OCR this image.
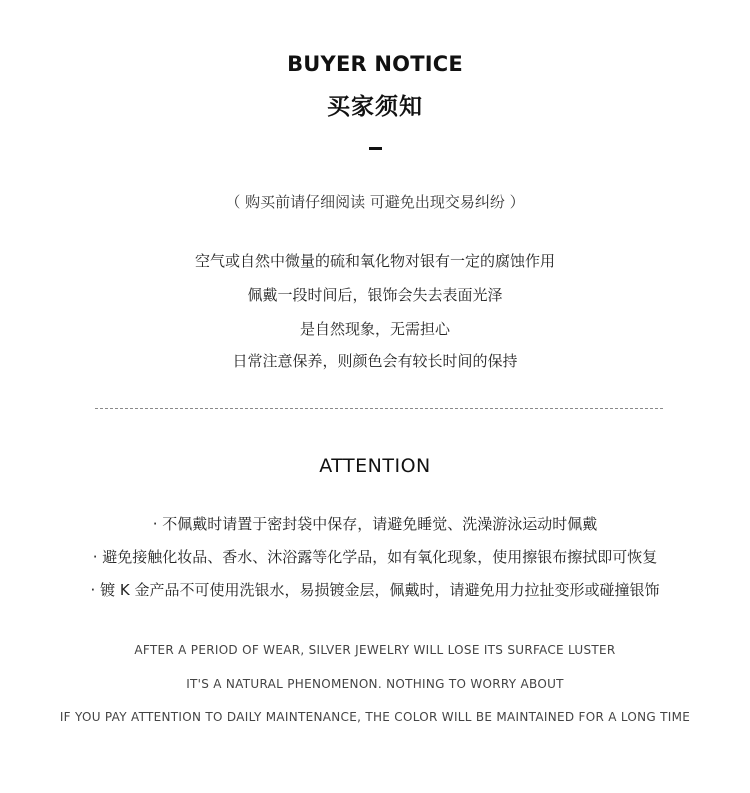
BUYER NOTICE
买家须知
（ 购买前请仔细阅读 可避免出现交易纠纷 ）
空气或自然中微量的硫和氧化物对银有一定的腐蚀作用
佩戴一段时间后，银饰会失去表面光泽
是自然现象，无需担心
日常注意保养，则颜色会有较长时间的保持
ATTENTION
· 不佩戴时请置于密封袋中保存，请避免睡觉、洗澡游泳运动时佩戴
· 避免接触化妆品、香水、沐浴露等化学品，如有氧化现象，使用擦银布擦拭即可恢复
· 镀 K 金产品不可使用洗银水，易损镀金层，佩戴时，请避免用力拉扯变形或碰撞银饰
AFTER A PERIOD OF WEAR, SILVER JEWELRY WILL LOSE ITS SURFACE LUSTER
IT'S A NATURAL PHENOMENON. NOTHING TO WORRY ABOUT
IF YOU PAY ATTENTION TO DAILY MAINTENANCE, THE COLOR WILL BE MAINTAINED FOR A LONG TIME
